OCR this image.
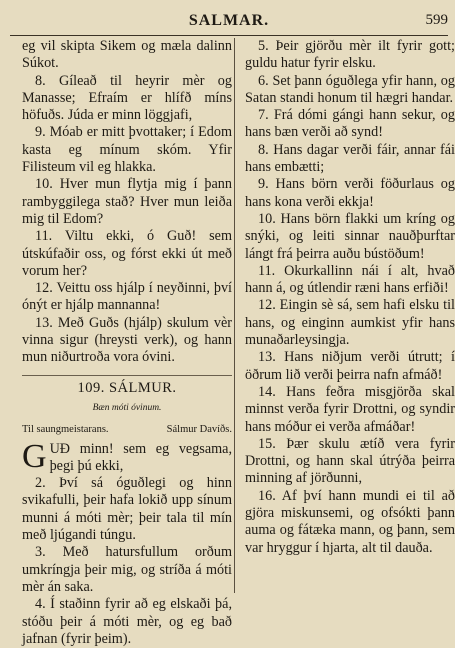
SALMAR.	599

eg vil skipta Sikem og mæla dalinn Súkot.

8. Gíleað til heyrir mèr og Manasse; Efraím er hlífð míns höfuðs. Júda er minn löggjafi,

9. Móab er mitt þvottaker; í Edom kasta eg mínum skóm. Yfir Filisteum vil eg hlakka.

10. Hver mun flytja mig í þann rambyggilega stað? Hver mun leiða mig til Edom?

11. Viltu ekki, ó Guð! sem útskúfaðir oss, og fórst ekki út með vorum her?

12. Veittu oss hjálp í neyðinni, því ónýt er hjálp mannanna!

13. Með Guðs (hjálp) skulum vèr vinna sigur (hreysti verk), og hann mun niðurtroða vora óvini.

109. SÁLMUR.
Bæn móti óvinum.
Til saungmeistarans.	Sálmur Davíðs.

GUÐ minn! sem eg vegsama, þegi þú ekki,

2. Því sá óguðlegi og hinn svikafulli, þeir hafa lokið upp sínum munni á móti mèr; þeir tala til mín með ljúgandi túngu.

3. Með hatursfullum orðum umkríngja þeir mig, og stríða á móti mèr án saka.

4. Í staðinn fyrir að eg elskaði þá, stóðu þeir á móti mèr, og eg bað jafnan (fyrir þeim).

5. Þeir gjörðu mèr ilt fyrir gott; guldu hatur fyrir elsku.

6. Set þann óguðlega yfir hann, og Satan standi honum til hægri handar.

7. Frá dómi gángi hann sekur, og hans bæn verði að synd!

8. Hans dagar verði fáir, annar fái hans embætti;

9. Hans börn verði föðurlaus og hans kona verði ekkja!

10. Hans börn flakki um kríng og snýki, og leiti sinnar nauðþurftar lángt frá þeirra auðu bústöðum!

11. Okurkallinn nái í alt, hvað hann á, og útlendir ræni hans erfiði!

12. Eingin sè sá, sem hafi elsku til hans, og einginn aumkist yfir hans munaðarleysingja.

13. Hans niðjum verði útrutt; í öðrum lið verði þeirra nafn afmáð!

14. Hans feðra misgjörða skal minnst verða fyrir Drottni, og syndir hans móður ei verða afmáðar!

15. Þær skulu ætíð vera fyrir Drottni, og hann skal útrýða þeirra minning af jörðunni,

16. Af því hann mundi ei til að gjöra miskunsemi, og ofsókti þann auma og fátæka mann, og þann, sem var hryggur í hjarta, alt til dauða.
